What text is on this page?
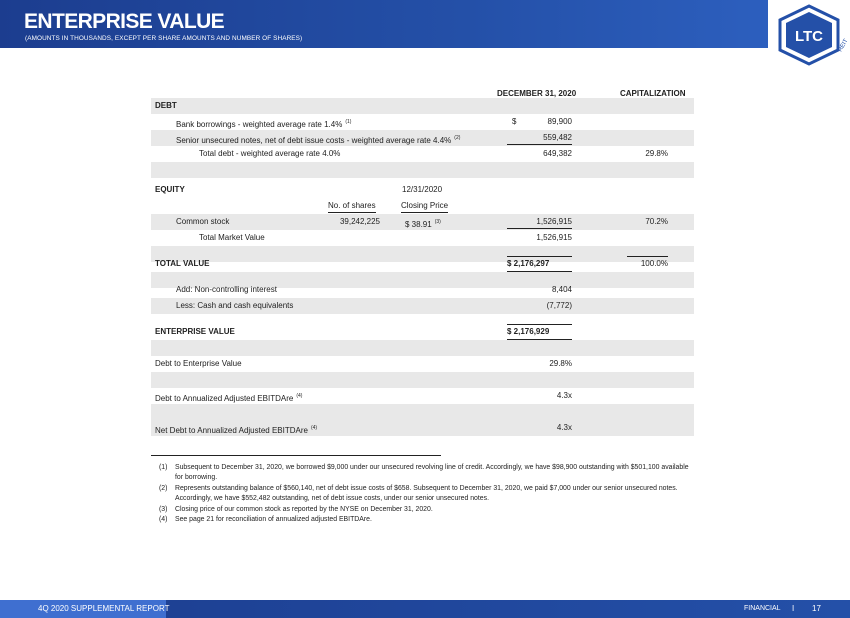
ENTERPRISE VALUE
(AMOUNTS IN THOUSANDS, EXCEPT PER SHARE AMOUNTS AND NUMBER OF SHARES)	LTC
REIT
DECEMBER 31, 2020	CAPITALIZATION
DEBT
Bank borrowings - weighted average rate 1.4% $^{(1)}$	$	89,900
Senior unsecured notes, net of debt issue costs - weighted average rate 4.4% $^{(2)}$	559,482
Total debt - weighted average rate 4.0%	649,382	29.8%
EQUITY	12/31/2020
No. of shares	Closing Price
Common stock	39,242,225	$ 38.91 $^{(3)}$	1,526,915	70.2%
Total Market Value	1,526,915
TOTAL VALUE	$ 2,176,297	100.0%
Add: Non-controlling interest	8,404
Less: Cash and cash equivalents	(7,772)
ENTERPRISE VALUE	$ 2,176,929
Debt to Enterprise Value	29.8%
Debt to Annualized Adjusted EBITDAre $^{(4)}$	4.3x
Net Debt to Annualized Adjusted EBITDAre $^{(4)}$	4.3x
(1) Subsequent to December 31, 2020, we borrowed $9,000 under our unsecured revolving line of credit. Accordingly, we have $98,900 outstanding with $501,100 available for borrowing.
(2) Represents outstanding balance of $560,140, net of debt issue costs of $658. Subsequent to December 31, 2020, we paid $7,000 under our senior unsecured notes. Accordingly, we have $552,482 outstanding, net of debt issue costs, under our senior unsecured notes.
(3) Closing price of our common stock as reported by the NYSE on December 31, 2020.
(4) See page 21 for reconciliation of annualized adjusted EBITDAre.
4Q 2020 SUPPLEMENTAL REPORT	FINANCIAL I 17
